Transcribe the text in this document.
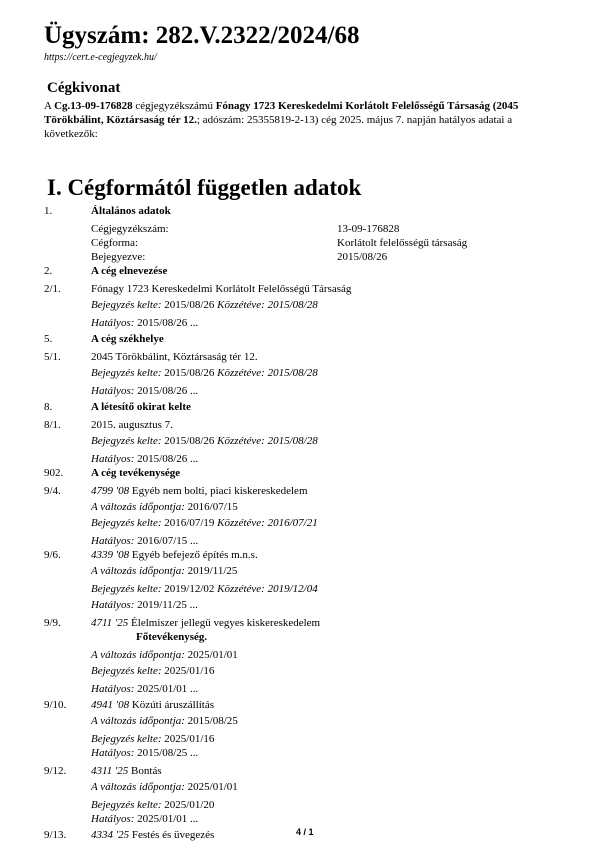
Ügyszám: 282.V.2322/2024/68
https://cert.e-cegjegyzek.hu/
Cégkivonat
A Cg.13-09-176828 cégjegyzékszámú Fónagy 1723 Kereskedelmi Korlátolt Felelősségű Társaság (2045 Törökbálint, Köztársaság tér 12.; adószám: 25355819-2-13) cég 2025. május 7. napján hatályos adatai a következők:
I. Cégformától független adatok
1.	Általános adatok
Cégjegyzékszám:	13-09-176828
Cégforma:	Korlátolt felelősségű társaság
Bejegyezve:	2015/08/26
2.	A cég elnevezése
2/1.	Fónagy 1723 Kereskedelmi Korlátolt Felelősségű Társaság
Bejegyzés kelte: 2015/08/26 Közzétéve: 2015/08/28
Hatályos: 2015/08/26 ...
5.	A cég székhelye
5/1.	2045 Törökbálint, Köztársaság tér 12.
Bejegyzés kelte: 2015/08/26 Közzétéve: 2015/08/28
Hatályos: 2015/08/26 ...
8.	A létesítő okirat kelte
8/1.	2015. augusztus 7.
Bejegyzés kelte: 2015/08/26 Közzétéve: 2015/08/28
Hatályos: 2015/08/26 ...
902.	A cég tevékenysége
9/4.	4799 '08 Egyéb nem bolti, piaci kiskereskedelem
A változás időpontja: 2016/07/15
Bejegyzés kelte: 2016/07/19 Közzétéve: 2016/07/21
Hatályos: 2016/07/15 ...
9/6.	4339 '08 Egyéb befejező építés m.n.s.
A változás időpontja: 2019/11/25
Bejegyzés kelte: 2019/12/02 Közzétéve: 2019/12/04
Hatályos: 2019/11/25 ...
9/9.	4711 '25 Élelmiszer jellegű vegyes kiskereskedelem
Főtevékenység.
A változás időpontja: 2025/01/01
Bejegyzés kelte: 2025/01/16
Hatályos: 2025/01/01 ...
9/10. 4941 '08 Közúti áruszállítás
A változás időpontja: 2015/08/25
Bejegyzés kelte: 2025/01/16
Hatályos: 2015/08/25 ...
9/12. 4311 '25 Bontás
A változás időpontja: 2025/01/01
Bejegyzés kelte: 2025/01/20
Hatályos: 2025/01/01 ...
9/13. 4334 '25 Festés és üvegezés	4 / 1
